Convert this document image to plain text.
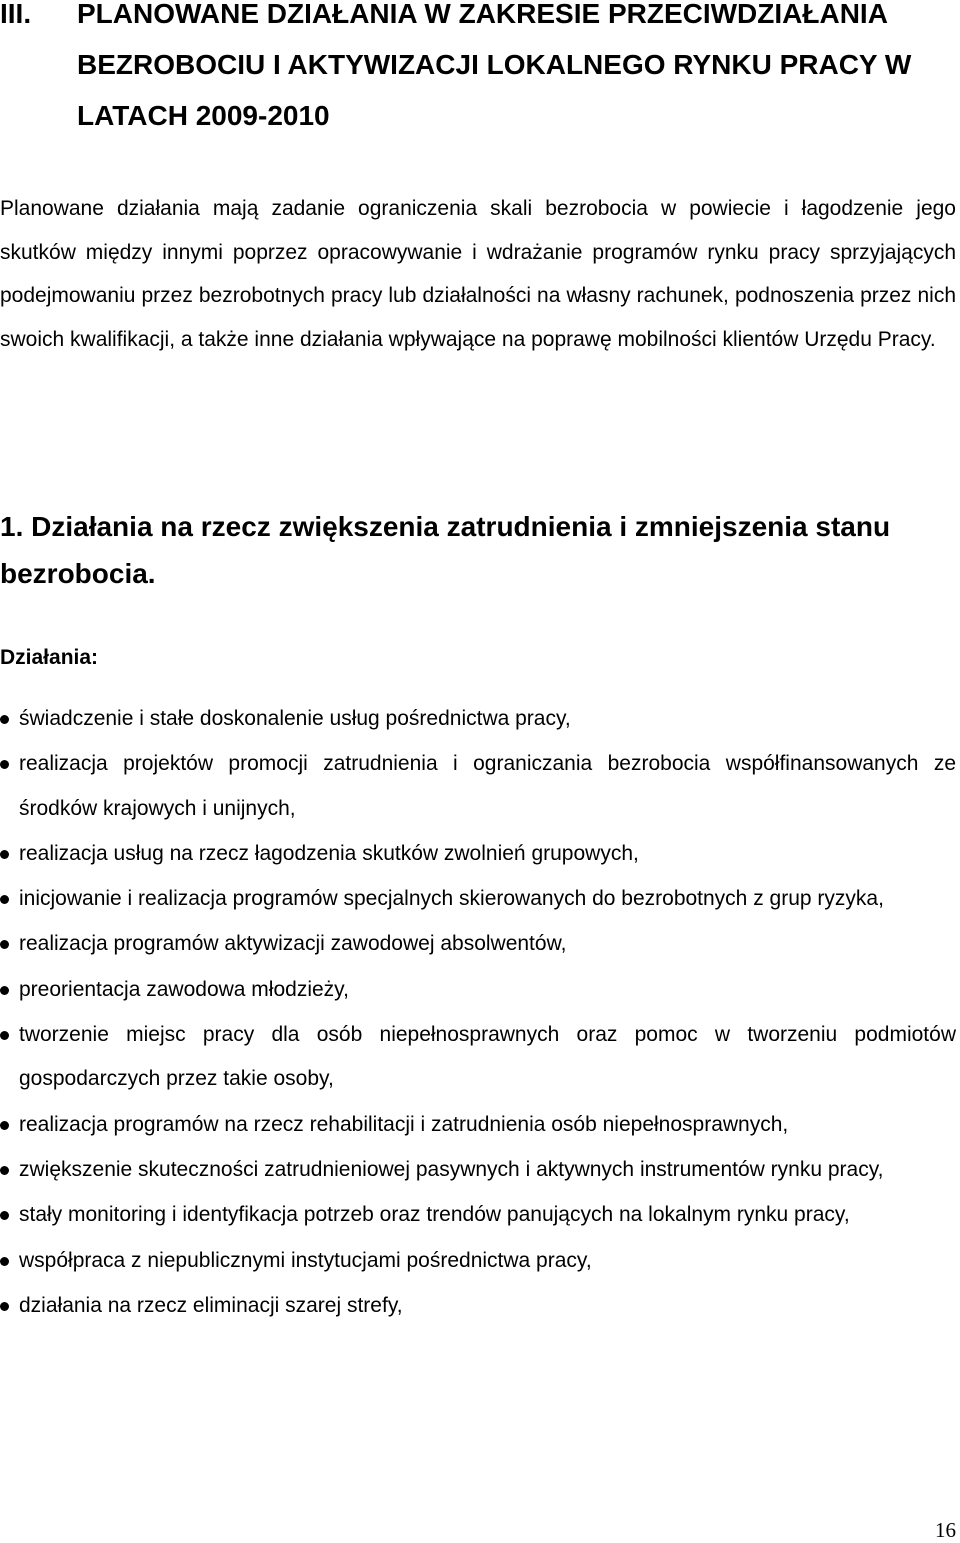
III. PLANOWANE DZIAŁANIA W ZAKRESIE PRZECIWDZIAŁANIA BEZROBOCIU I AKTYWIZACJI LOKALNEGO RYNKU PRACY W LATACH 2009-2010

Planowane działania mają zadanie ograniczenia skali bezrobocia w powiecie i łagodzenie jego skutków między innymi poprzez opracowywanie i wdrażanie programów rynku pracy sprzyjających podejmowaniu przez bezrobotnych pracy lub działalności na własny rachunek, podnoszenia przez nich swoich kwalifikacji, a także inne działania wpływające na poprawę mobilności klientów Urzędu Pracy.

1. Działania na rzecz zwiększenia zatrudnienia i zmniejszenia stanu bezrobocia.

Działania:

świadczenie i stałe doskonalenie usług pośrednictwa pracy,
realizacja projektów promocji zatrudnienia i ograniczania bezrobocia współfinansowanych ze środków krajowych i unijnych,
realizacja usług na rzecz łagodzenia skutków zwolnień grupowych,
inicjowanie i realizacja programów specjalnych skierowanych do bezrobotnych z grup ryzyka,
realizacja programów aktywizacji zawodowej absolwentów,
preorientacja zawodowa młodzieży,
tworzenie miejsc pracy dla osób niepełnosprawnych oraz pomoc w tworzeniu podmiotów gospodarczych przez takie osoby,
realizacja programów na rzecz rehabilitacji i zatrudnienia osób niepełnosprawnych,
zwiększenie skuteczności zatrudnieniowej pasywnych i aktywnych instrumentów rynku pracy,
stały monitoring i identyfikacja potrzeb oraz trendów panujących na lokalnym rynku pracy,
współpraca z niepublicznymi instytucjami pośrednictwa pracy,
działania na rzecz eliminacji szarej strefy,
16
